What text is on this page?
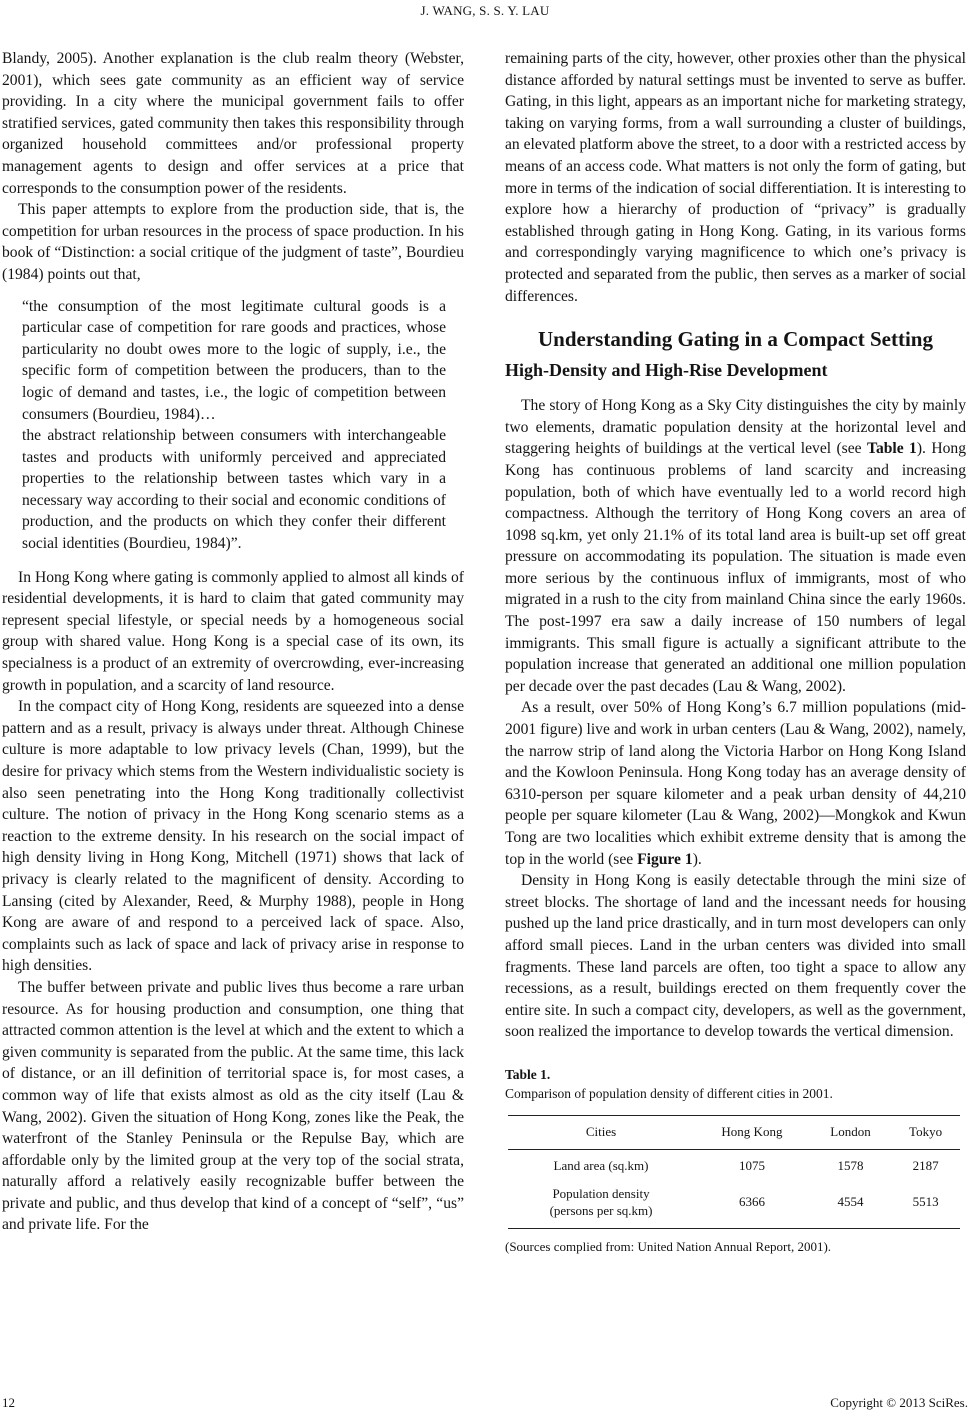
J. WANG, S. S. Y. LAU

Blandy, 2005). Another explanation is the club realm theory (Webster, 2001), which sees gate community as an efficient way of service providing. In a city where the municipal government fails to offer stratified services, gated community then takes this responsibility through organized household committees and/or professional property management agents to design and offer services at a price that corresponds to the consumption power of the residents.

This paper attempts to explore from the production side, that is, the competition for urban resources in the process of space production. In his book of “Distinction: a social critique of the judgment of taste”, Bourdieu (1984) points out that,

“the consumption of the most legitimate cultural goods is a particular case of competition for rare goods and practices, whose particularity no doubt owes more to the logic of supply, i.e., the specific form of competition between the producers, than to the logic of demand and tastes, i.e., the logic of competition between consumers (Bourdieu, 1984)…

the abstract relationship between consumers with interchangeable tastes and products with uniformly perceived and appreciated properties to the relationship between tastes which vary in a necessary way according to their social and economic conditions of production, and the products on which they confer their different social identities (Bourdieu, 1984)”.

In Hong Kong where gating is commonly applied to almost all kinds of residential developments, it is hard to claim that gated community may represent special lifestyle, or special needs by a homogeneous social group with shared value. Hong Kong is a special case of its own, its specialness is a product of an extremity of overcrowding, ever-increasing growth in population, and a scarcity of land resource.

In the compact city of Hong Kong, residents are squeezed into a dense pattern and as a result, privacy is always under threat. Although Chinese culture is more adaptable to low privacy levels (Chan, 1999), but the desire for privacy which stems from the Western individualistic society is also seen penetrating into the Hong Kong traditionally collectivist culture. The notion of privacy in the Hong Kong scenario stems as a reaction to the extreme density. In his research on the social impact of high density living in Hong Kong, Mitchell (1971) shows that lack of privacy is clearly related to the magnificent of density. According to Lansing (cited by Alexander, Reed, & Murphy 1988), people in Hong Kong are aware of and respond to a perceived lack of space. Also, complaints such as lack of space and lack of privacy arise in response to high densities.

The buffer between private and public lives thus become a rare urban resource. As for housing production and consumption, one thing that attracted common attention is the level at which and the extent to which a given community is separated from the public. At the same time, this lack of distance, or an ill definition of territorial space is, for most cases, a common way of life that exists almost as old as the city itself (Lau & Wang, 2002). Given the situation of Hong Kong, zones like the Peak, the waterfront of the Stanley Peninsula or the Repulse Bay, which are affordable only by the limited group at the very top of the social strata, naturally afford a relatively easily recognizable buffer between the private and public, and thus develop that kind of a concept of “self”, “us” and private life. For the

remaining parts of the city, however, other proxies other than the physical distance afforded by natural settings must be invented to serve as buffer. Gating, in this light, appears as an important niche for marketing strategy, taking on varying forms, from a wall surrounding a cluster of buildings, an elevated platform above the street, to a door with a restricted access by means of an access code. What matters is not only the form of gating, but more in terms of the indication of social differentiation. It is interesting to explore how a hierarchy of production of “privacy” is gradually established through gating in Hong Kong. Gating, in its various forms and correspondingly varying magnificence to which one’s privacy is protected and separated from the public, then serves as a marker of social differences.

Understanding Gating in a Compact Setting
High-Density and High-Rise Development

The story of Hong Kong as a Sky City distinguishes the city by mainly two elements, dramatic population density at the horizontal level and staggering heights of buildings at the vertical level (see Table 1). Hong Kong has continuous problems of land scarcity and increasing population, both of which have eventually led to a world record high compactness. Although the territory of Hong Kong covers an area of 1098 sq.km, yet only 21.1% of its total land area is built-up set off great pressure on accommodating its population. The situation is made even more serious by the continuous influx of immigrants, most of who migrated in a rush to the city from mainland China since the early 1960s. The post-1997 era saw a daily increase of 150 numbers of legal immigrants. This small figure is actually a significant attribute to the population increase that generated an additional one million population per decade over the past decades (Lau & Wang, 2002).

As a result, over 50% of Hong Kong’s 6.7 million populations (mid-2001 figure) live and work in urban centers (Lau & Wang, 2002), namely, the narrow strip of land along the Victoria Harbor on Hong Kong Island and the Kowloon Peninsula. Hong Kong today has an average density of 6310-person per square kilometer and a peak urban density of 44,210 people per square kilometer (Lau & Wang, 2002)—Mongkok and Kwun Tong are two localities which exhibit extreme density that is among the top in the world (see Figure 1).

Density in Hong Kong is easily detectable through the mini size of street blocks. The shortage of land and the incessant needs for housing pushed up the land price drastically, and in turn most developers can only afford small pieces. Land in the urban centers was divided into small fragments. These land parcels are often, too tight a space to allow any recessions, as a result, buildings erected on them frequently cover the entire site. In such a compact city, developers, as well as the government, soon realized the importance to develop towards the vertical dimension.

Table 1.
Comparison of population density of different cities in 2001.
Cities	Hong Kong	London	Tokyo
Land area (sq.km)	1075	1578	2187
Population density
(persons per sq.km)	6366	4554	5513
(Sources complied from: United Nation Annual Report, 2001).
12	Copyright © 2013 SciRes.
